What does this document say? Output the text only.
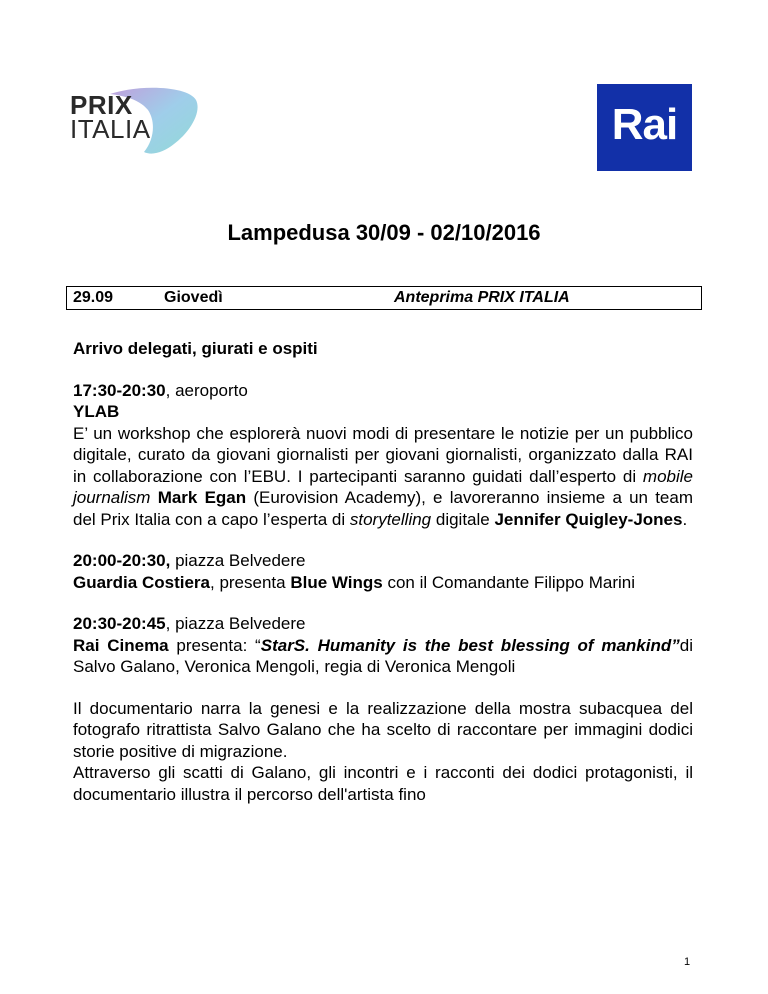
PRIX
ITALIA	Rai
Lampedusa 30/09 - 02/10/2016
29.09	Giovedì	Anteprima PRIX ITALIA

Arrivo delegati, giurati e ospiti

17:30-20:30, aeroporto

YLAB

E’ un workshop che esplorerà nuovi modi di presentare le notizie per un pubblico digitale, curato da giovani giornalisti per giovani giornalisti, organizzato dalla RAI in collaborazione con l’EBU. I partecipanti saranno guidati dall’esperto di mobile journalism Mark Egan (Eurovision Academy), e lavoreranno insieme a un team del Prix Italia con a capo l’esperta di storytelling digitale Jennifer Quigley-Jones.

20:00-20:30, piazza Belvedere

Guardia Costiera, presenta Blue Wings con il Comandante Filippo Marini

20:30-20:45, piazza Belvedere

Rai Cinema presenta: “StarS. Humanity is the best blessing of mankind”di Salvo Galano, Veronica Mengoli, regia di Veronica Mengoli

Il documentario narra la genesi e la realizzazione della mostra subacquea del fotografo ritrattista Salvo Galano che ha scelto di raccontare per immagini dodici storie positive di migrazione.

Attraverso gli scatti di Galano, gli incontri e i racconti dei dodici protagonisti, il documentario illustra il percorso dell'artista fino

1
